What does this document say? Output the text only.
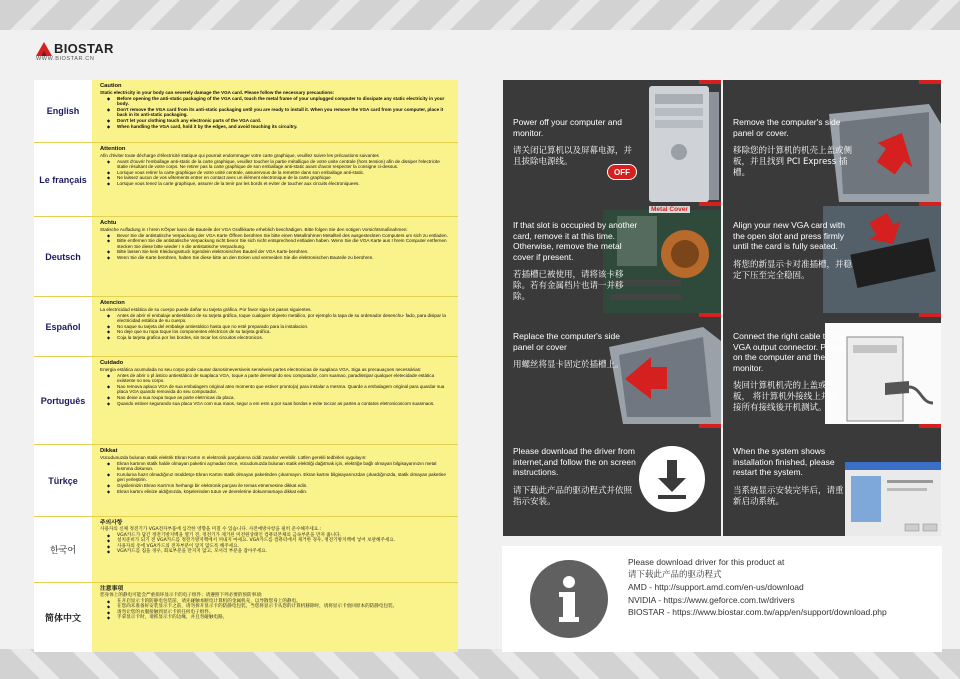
BIOSTAR
WWW.BIOSTAR.CN
English
Caution
Static electricity in your body can severely damage the VGA card. Please follow the necessary precautions:
◆ Before opening the anti-static packaging of the VGA card, touch the metal frame of your unplugged computer to dissipate any static electricity in your body.
◆ Don't remove the VGA card from its anti-static packaging until you are ready to install it. When you remove the VGA card from your computer, place it back in its anti-static packaging.
◆ Don't let your clothing touch any electronic parts of the VGA card.
◆ When handling the VGA card, hold it by the edges, and avoid touching its circuitry.
Le français
Attention
Afin d'éviter toute décharge d'électricité statique qui pourrait endommager votre carte graphique, veuillez suivre les précautions suivantes
◆ Avant d'ouvrir l'emballage anti-static de la carte graphique, veuillez toucher la partie métallique de votre unite centrale (hors tension) afin de dissiper l'electricite statie résultant de votre corps. Ne retirer pas la carte graphique de son emballage anti-static avant d'avoir respecter la consigne ci-dessus.
◆ Lorsque vous retirer la carte graphique de votre unité centrale, assurervous de la remettre dans son emballage anti-static.
◆ Ne laissez aucun de vos vêtements entrer en contact avec un élément electronique de la carte graphique
◆ Lorsque vous tenez la carte graphique, assurer de la tenir par les bords et eviter de toucher aux circuits électroniquees.
Deutsch
Achtu
Statische Aufladung in I hrem KÖrper kann die Bauteile der VGA Grafikkarte erheblich beschädigen. Bitte folgen Sie den notigen Vorsichtsmaßnahmen:
◆ Bevor Sie die antistatische Verpackung der VGA Karte Öffnen berühren Sie bitte einen Metallrahmen Metallteil des ausgesteckten Computers um sich zu entladen.
◆ Bitte entfernen Sie die antistatische Verpackung nicht bevor Sie sich nicht entsprechend entladen haben. Wenn Sie die VGA Karte aus I hrem Computer entfernen stecken Sie diese bitte wieder I n die antistatische Verpackung.
◆ Bitte lassen Sie kein Kleidungsstuck irgendein elektronisches Bauteil der VGA Karte berühren.
◆ Wenn Sie die Karte berühren, halten Sie diese bitte an den Ecken und vermeiden Sie die elektronischen Bauteile zu berühren.
Español
Atencion
La electricidad estática de su cuerpo puede dañar su tarjeta gráfica. Por favor siga los pasos siguientes.
◆ Antes de abrir el embalaje antiestático de su tarjeta gráfica, toque cualquier objeeto metálico, por ejemplo la tapa de su ordenador desenchu- fado, para disipar la electricidad estática de su cuerpo.
◆ No saque su tarjeta del embalaje antiestático hasta que no esté preparado para la instalacion.
◆ No deje que su ropa toque los componentes eléctricos de su tarjeta gráfica.
◆ Coja la tarjeta grafica por los bordes, sin tocar los circuitos electronicos.
Português
Cuidado
Energia estática acumulada no seu corpo pode causar danosimeversiveis senséveis partes electronicas de suaplaca VGA. Siga as precauaçoes necessárias:
◆ Antes de abrir o pl ástico antiestático de suaplaca VGA, toque a parte demetal do seu computador, com suamao, paradissipar qualquer eletecidade estática existente no seu corpo.
◆ Nao remova aplaca VGA de sua embalagem original ateo momento que estiver pronto(a) para instalar a mesma. Quarde a embalagem original para quardar sua placa VGA quando removida do seu computador.
◆ Nao deixe a sua roupa toque as parte eletrnicas da placa.
◆ Quando estiver segurando sua placa VGA com sua maos, segur a em esm a por suas bordas e evite toccar as partes a contatos eletronicoscom suasmaos.
Türkçe
Dikkat
Vücudunuzda bulunan statik elektrik Ekran Kartın ın elektronik parçalarına ciddi zararlar verebilir. Lütfen gerekli tedbirleri uygulayın:
◆ Ekran kartının statik halde olmayan paketini açmadan önce, vücudunuzda bulunan statik elektriği dağıtmak için, elektriğe bağlı olmayan bilgisayarınızın metal kısmına dokunun.
◆ Kuruluma hazır olmadığınız müddetçe Ekran Kartını statik olmayan paketinden çıkarmayın. Ekran kartını bilgisayarınızdan çıkardığınızda, statik olmayan paketine geri yerleştirin.
◆ Giysilerinizin Ekran Kartı'nın herhangi bir elektronik parçası ile temas etmemesine dikkat edin.
◆ Ekran kartını elinize aldığınızda, köşelerinden tutun ve devrelerine dokunmamaya dikkat edin.
한국어
주의사항
사용자의 신체 정전기가 VGA전자부품에 심각한 영향을 미칠 수 있습니다. 사전예방사항을 필히 준수해주세요.:
◆ VGA카드가 담긴 정전기방지백을 열기 전, 정전기가 제거된 미전원상태인 컴퓨터본체의 금속부분을 만져 줍니다.
◆ 설치준비가 되기 전 VGA카드를 정전기방지백에서 꺼내지 마세요. VGA카드를 컴퓨터에서 제거한 경우, 정전기방지백에 넣어 보관해주세요.
◆ 사용자의 옷에 VGA카드의 전자부분이 닿지 않도록 해주세요.
◆ VGA카드를 집을 경우, 회로부분을 만지지 않고, 모서리 부분을 잡아주세요.
简体中文
注意事项
您身体上的静电可能会严重损坏显示卡的电子组件；请遵照下列必要的预防事项:
◆ 在开启显示卡的防静电包装前，请先碰触本断电计算机的金属机壳，以导散您身上的静电。
◆ 在您尚未准备好安装显示卡之前，请勿拆开显示卡的防静电包装。当您将显示卡从您的计算机移除时，请将显示卡放回原本的防静电包装。
◆ 请勿让您的衣服接触到显示卡的任何电子组件。
◆ 手拿显示卡时，请抓显示卡的边缘，并且勿碰触电路。
Power off your computer and monitor.
请关闭记算机以及屏幕电源，并且拔除电源线。
OFF
Remove the computer's side panel or cover.
移除您的计算机的机壳上盖或侧板，并且找到 PCI Express 插槽。
Metal Cover
If that slot is occupied by another card, remove it at this time. Otherwise, remove the metal cover if present.
若插槽已被使用，请将该卡移除。若有金属档片也请一并移除。
Align your new VGA card with the open slot and press firmly until the card is fully seated.
将您的新显示卡对准插槽，并稳定下压至完全稳固。
Replace the computer's side panel or cover
用螺丝将显卡固定於插槽上。
Connect the right cable to the VGA output connector. Power on the computer and the monitor.
装回计算机机壳的上盖或侧板， 将计算机外接线上并连接所有接线後开机测试。
Please download the driver from internet,and follow the on screen instructions.
请下载此产品的驱动程式并依照指示安装。
When the system shows installation finished, please restart the system.
当系统显示安装完毕后，请重新启动系统。
Please download driver for this product at
请下载此产品的驱动程式
AMD - http://support.amd.com/en-us/download
NVIDIA - https://www.geforce.com.tw/drivers
BIOSTAR - https://www.biostar.com.tw/app/en/support/download.php
